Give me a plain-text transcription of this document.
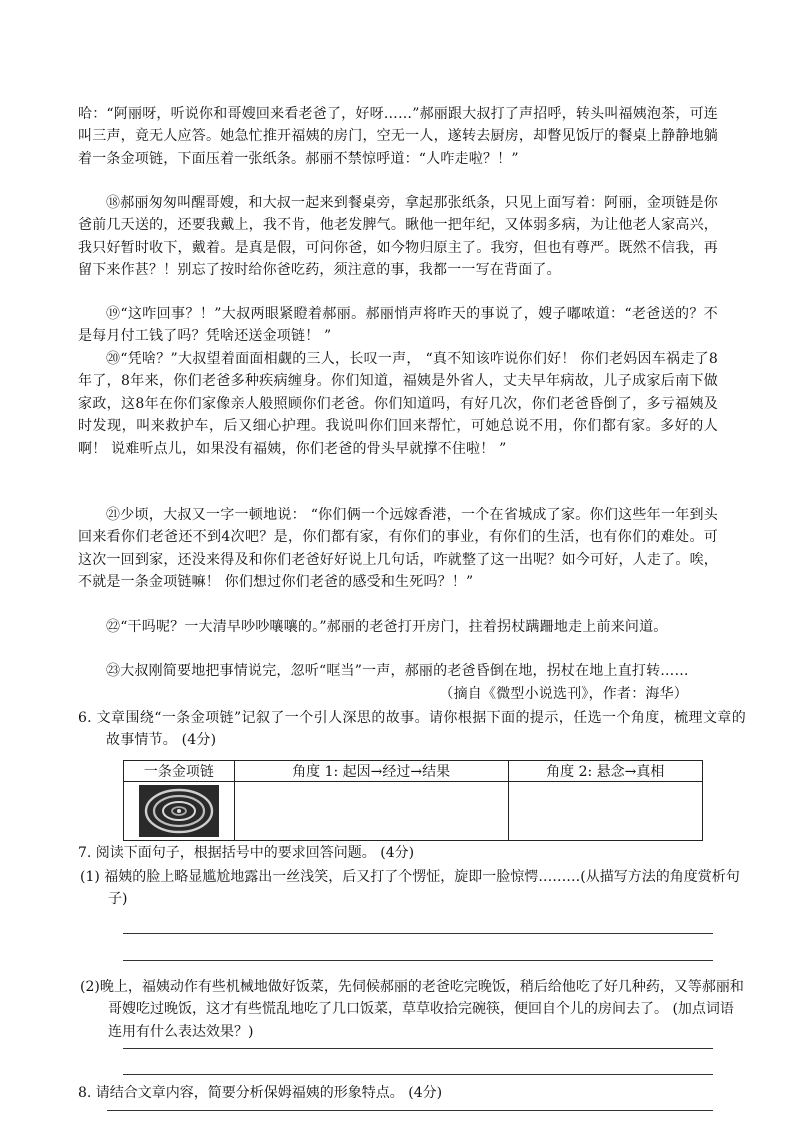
哈：“阿丽呀，听说你和哥嫂回来看老爸了，好呀……”郝丽跟大叔打了声招呼，转头叫福姨泡茶，可连叫三声，竟无人应答。她急忙推开福姨的房门，空无一人，遂转去厨房，却瞥见饭厅的餐桌上静静地躺着一条金项链，下面压着一张纸条。郝丽不禁惊呼道：“人咋走啦？！”

⑱郝丽匆匆叫醒哥嫂，和大叔一起来到餐桌旁，拿起那张纸条，只见上面写着：阿丽，金项链是你爸前几天送的，还要我戴上，我不肯，他老发脾气。瞅他一把年纪，又体弱多病，为让他老人家高兴，我只好暂时收下，戴着。是真是假，可问你爸，如今物归原主了。我穷，但也有尊严。既然不信我，再留下来作甚？！别忘了按时给你爸吃药，须注意的事，我都一一写在背面了。

⑲“这咋回事？！”大叔两眼紧瞪着郝丽。郝丽悄声将昨天的事说了，嫂子嘟哝道：“老爸送的？不是每月付工钱了吗？凭啥还送金项链！ ”

⑳“凭啥？”大叔望着面面相觑的三人，长叹一声， “真不知该咋说你们好！ 你们老妈因车祸走了8年了，8年来，你们老爸多种疾病缠身。你们知道，福姨是外省人，丈夫早年病故，儿子成家后南下做家政，这8年在你们家像亲人般照顾你们老爸。你们知道吗，有好几次，你们老爸昏倒了，多亏福姨及时发现，叫来救护车，后又细心护理。我说叫你们回来帮忙，可她总说不用，你们都有家。多好的人啊！ 说难听点儿，如果没有福姨，你们老爸的骨头早就撑不住啦！ ”

㉑少顷，大叔又一字一顿地说： “你们俩一个远嫁香港，一个在省城成了家。你们这些年一年到头回来看你们老爸还不到4次吧？是，你们都有家，有你们的事业，有你们的生活，也有你们的难处。可这次一回到家，还没来得及和你们老爸好好说上几句话，咋就整了这一出呢？如今可好，人走了。唉，不就是一条金项链嘛！ 你们想过你们老爸的感受和生死吗？！”

㉒“干吗呢？一大清早吵吵嚷嚷的。”郝丽的老爸打开房门，拄着拐杖蹒跚地走上前来问道。

㉓大叔刚简要地把事情说完，忽听“哐当”一声，郝丽的老爸昏倒在地，拐杖在地上直打转……

（摘自《微型小说选刊》，作者：海华）

6. 文章围绕“一条金项链”记叙了一个引人深思的故事。请你根据下面的提示，任选一个角度，梳理文章的故事情节。 (4分)

一条金项链	角度 1: 起因→经过→结果	角度 2: 悬念→真相

7. 阅读下面句子，根据括号中的要求回答问题。 (4分)

(1) 福姨的脸上略显尴尬地露出一丝浅笑，后又打了个愣怔，旋即一脸惊愕………(从描写方法的角度赏析句子)

(2)晚上，福姨动作有些机械地做好饭菜，先伺候郝丽的老爸吃完晚饭，稍后给他吃了好几种药，又等郝丽和哥嫂吃过晚饭，这才有些慌乱地吃了几口饭菜，草草收拾完碗筷，便回自个儿的房间去了。 (加点词语连用有什么表达效果？)

8. 请结合文章内容，简要分析保姆福姨的形象特点。 (4分)
